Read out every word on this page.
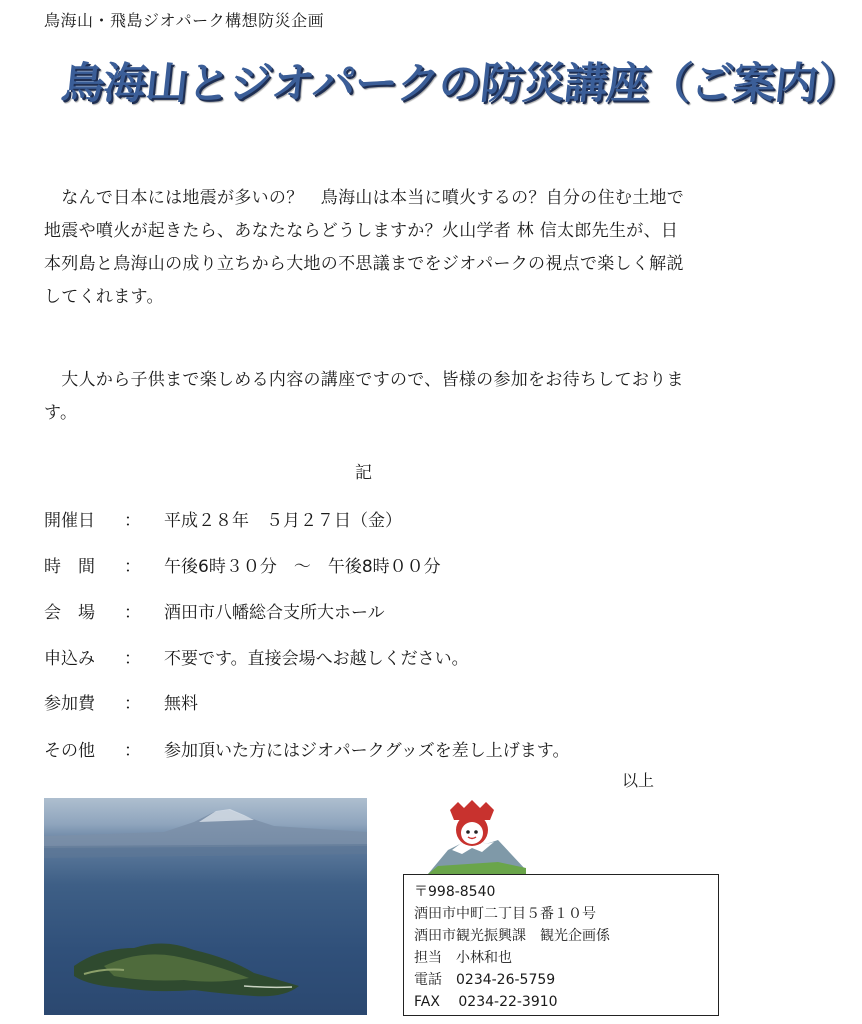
鳥海山・飛島ジオパーク構想防災企画
鳥海山とジオパークの防災講座（ご案内）

　なんで日本には地震が多いの？　鳥海山は本当に噴火するの？自分の住む土地で地震や噴火が起きたら、あなたならどうしますか？火山学者 林 信太郎先生が、日本列島と鳥海山の成り立ちから大地の不思議までをジオパークの視点で楽しく解説してくれます。

　大人から子供まで楽しめる内容の講座ですので、皆様の参加をお待ちしております。

記
開催日	：	平成２８年　５月２７日（金）
時　間	：	午後6時３０分　～　午後8時００分
会　場	：	酒田市八幡総合支所大ホール
申込み	：	不要です。直接会場へお越しください。
参加費	：	無料
その他	：	参加頂いた方にはジオパークグッズを差し上げます。
以上
〒998-8540
酒田市中町二丁目５番１０号
酒田市観光振興課　観光企画係
担当　小林和也
電話　0234-26-5759
FAX　 0234-22-3910
